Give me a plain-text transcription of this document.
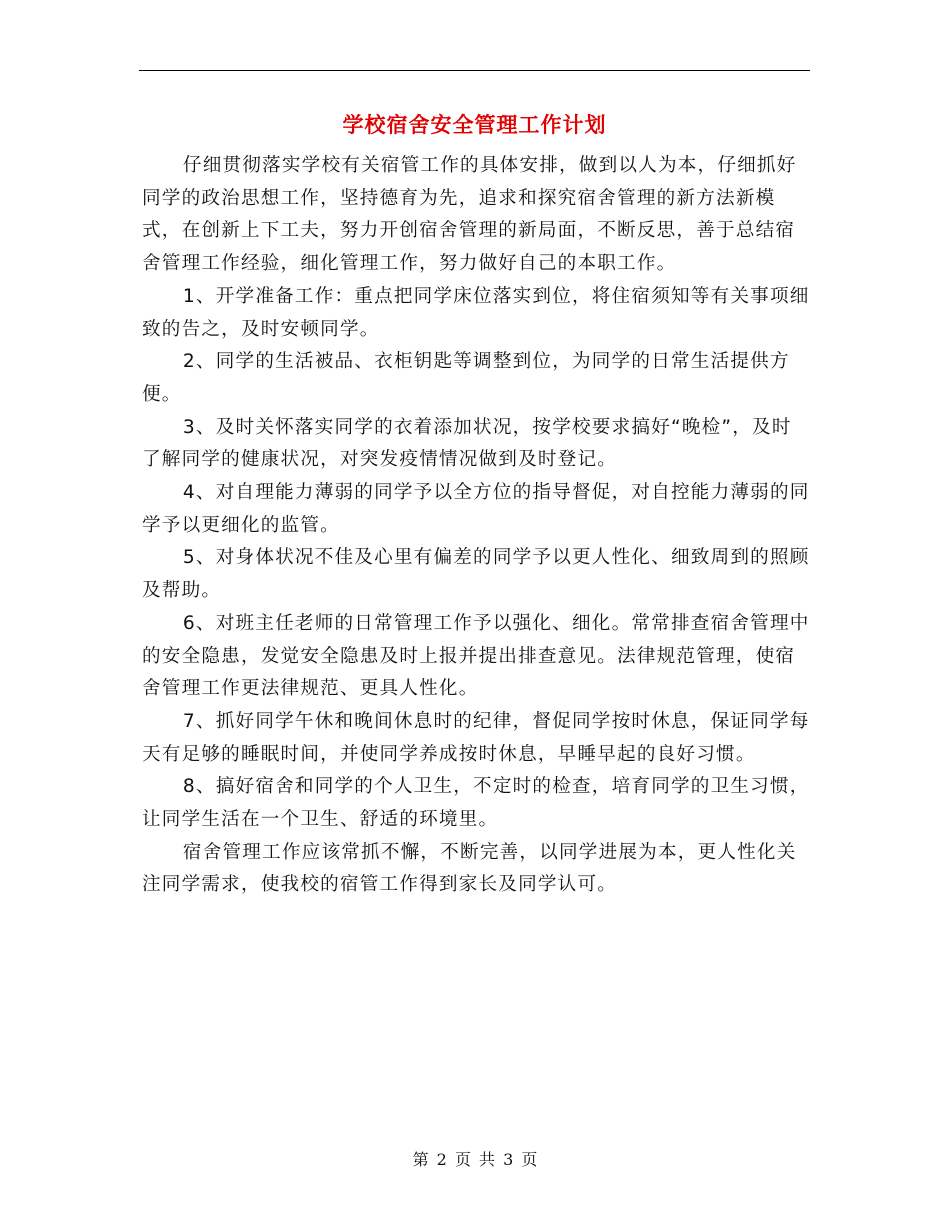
学校宿舍安全管理工作计划

仔细贯彻落实学校有关宿管工作的具体安排，做到以人为本，仔细抓好同学的政治思想工作，坚持德育为先，追求和探究宿舍管理的新方法新模式，在创新上下工夫，努力开创宿舍管理的新局面，不断反思，善于总结宿舍管理工作经验，细化管理工作，努力做好自己的本职工作。

1、开学准备工作：重点把同学床位落实到位，将住宿须知等有关事项细致的告之，及时安顿同学。

2、同学的生活被品、衣柜钥匙等调整到位，为同学的日常生活提供方便。

3、及时关怀落实同学的衣着添加状况，按学校要求搞好“晚检”，及时了解同学的健康状况，对突发疫情情况做到及时登记。

4、对自理能力薄弱的同学予以全方位的指导督促，对自控能力薄弱的同学予以更细化的监管。

5、对身体状况不佳及心里有偏差的同学予以更人性化、细致周到的照顾及帮助。

6、对班主任老师的日常管理工作予以强化、细化。常常排查宿舍管理中的安全隐患，发觉安全隐患及时上报并提出排查意见。法律规范管理，使宿舍管理工作更法律规范、更具人性化。

7、抓好同学午休和晚间休息时的纪律，督促同学按时休息，保证同学每天有足够的睡眠时间，并使同学养成按时休息，早睡早起的良好习惯。

8、搞好宿舍和同学的个人卫生，不定时的检查，培育同学的卫生习惯，让同学生活在一个卫生、舒适的环境里。

宿舍管理工作应该常抓不懈，不断完善，以同学进展为本，更人性化关注同学需求，使我校的宿管工作得到家长及同学认可。

第 2 页 共 3 页
